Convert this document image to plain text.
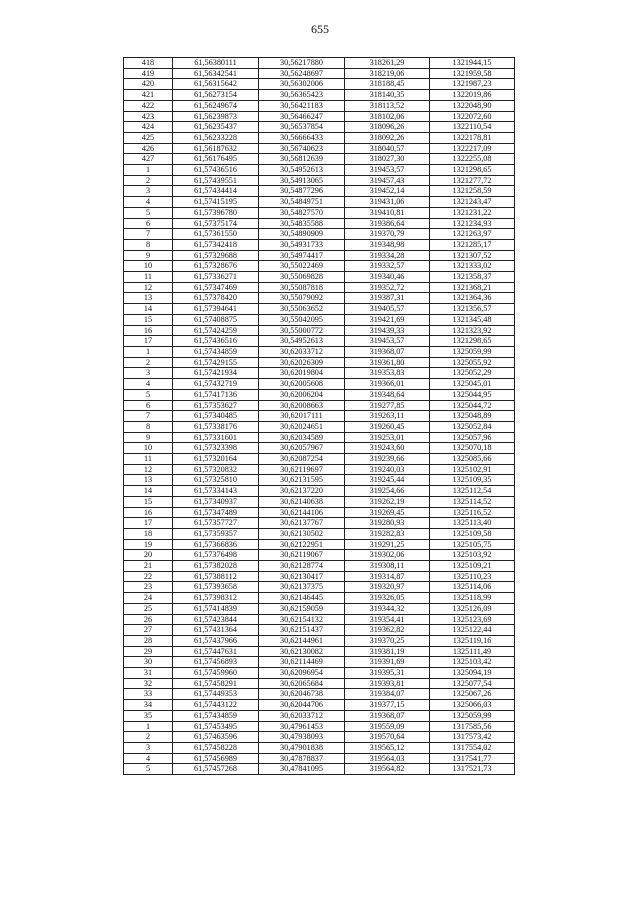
655
418	61,56380111	30,56217880	318261,29	1321944,15
419	61,56342541	30,56248697	318219,06	1321959,58
420	61,56315642	30,56302006	318188,45	1321987,23
421	61,56273154	30,56365423	318140,35	1322019,86
422	61,56249674	30,56421183	318113,52	1322048,90
423	61,56239873	30,56466247	318102,06	1322072,60
424	61,56235437	30,56537854	318096,26	1322110,54
425	61,56233228	30,56666433	318092,26	1322178,81
426	61,56187632	30,56740623	318040,57	1322217,09
427	61,56176495	30,56812639	318027,30	1322255,08
1	61,57436516	30,54952613	319453,57	1321298,65
2	61,57439551	30,54913065	319457,43	1321277,72
3	61,57434414	30,54877296	319452,14	1321258,59
4	61,57415195	30,54849751	319431,06	1321243,47
5	61,57396780	30,54827570	319410,81	1321231,22
6	61,57375174	30,54835588	319386,64	1321234,93
7	61,57361550	30,54890909	319370,79	1321263,97
8	61,57342418	30,54931733	319348,98	1321285,17
9	61,57329688	30,54974417	319334,28	1321307,52
10	61,57328676	30,55022469	319332,57	1321333,02
11	61,57336271	30,55069828	319340,46	1321358,37
12	61,57347469	30,55087818	319352,72	1321368,21
13	61,57378420	30,55079092	319387,31	1321364,36
14	61,57394641	30,55063652	319405,57	1321356,57
15	61,57408875	30,55042095	319421,69	1321345,48
16	61,57424259	30,55000772	319439,33	1321323,92
17	61,57436516	30,54952613	319453,57	1321298,65
1	61,57434859	30,62033712	319368,07	1325059,99
2	61,57429155	30,62026309	319361,80	1325055,92
3	61,57421934	30,62019804	319353,83	1325052,29
4	61,57432719	30,62005608	319366,01	1325045,01
5	61,57417136	30,62006204	319348,64	1325044,95
6	61,57353627	30,62008663	319277,85	1325044,72
7	61,57340485	30,62017111	319263,11	1325048,89
8	61,57338176	30,62024651	319260,45	1325052,84
9	61,57331601	30,62034589	319253,01	1325057,96
10	61,57323398	30,62057967	319243,60	1325070,18
11	61,57320164	30,62087254	319239,66	1325085,66
12	61,57320832	30,62119697	319240,03	1325102,91
13	61,57325810	30,62131595	319245,44	1325109,35
14	61,57334143	30,62137220	319254,66	1325112,54
15	61,57340937	30,62140638	319262,19	1325114,52
16	61,57347489	30,62144106	319269,45	1325116,52
17	61,57357727	30,62137767	319280,93	1325113,40
18	61,57359357	30,62130502	319282,83	1325109,58
19	61,57366836	30,62122951	319291,25	1325105,75
20	61,57376498	30,62119067	319302,06	1325103,92
21	61,57382028	30,62128774	319308,11	1325109,21
22	61,57388112	30,62130417	319314,87	1325110,23
23	61,57393658	30,62137375	319320,97	1325114,06
24	61,57398312	30,62146445	319326,05	1325118,99
25	61,57414839	30,62159059	319344,32	1325126,09
26	61,57423844	30,62154132	319354,41	1325123,69
27	61,57431364	30,62151437	319362,82	1325122,44
28	61,57437966	30,62144961	319370,25	1325119,16
29	61,57447631	30,62130082	319381,19	1325111,49
30	61,57456893	30,62114469	319391,69	1325103,42
31	61,57459960	30,62096954	319395,31	1325094,19
32	61,57458291	30,62065684	319393,81	1325077,54
33	61,57449353	30,62046738	319384,07	1325067,26
34	61,57443122	30,62044706	319377,15	1325066,03
35	61,57434859	30,62033712	319368,07	1325059,99
1	61,57453495	30,47961453	319559,09	1317585,56
2	61,57463596	30,47938093	319570,64	1317573,42
3	61,57458228	30,47901838	319565,12	1317554,02
4	61,57456989	30,47878837	319564,03	1317541,77
5	61,57457268	30,47841095	319564,82	1317521,73
